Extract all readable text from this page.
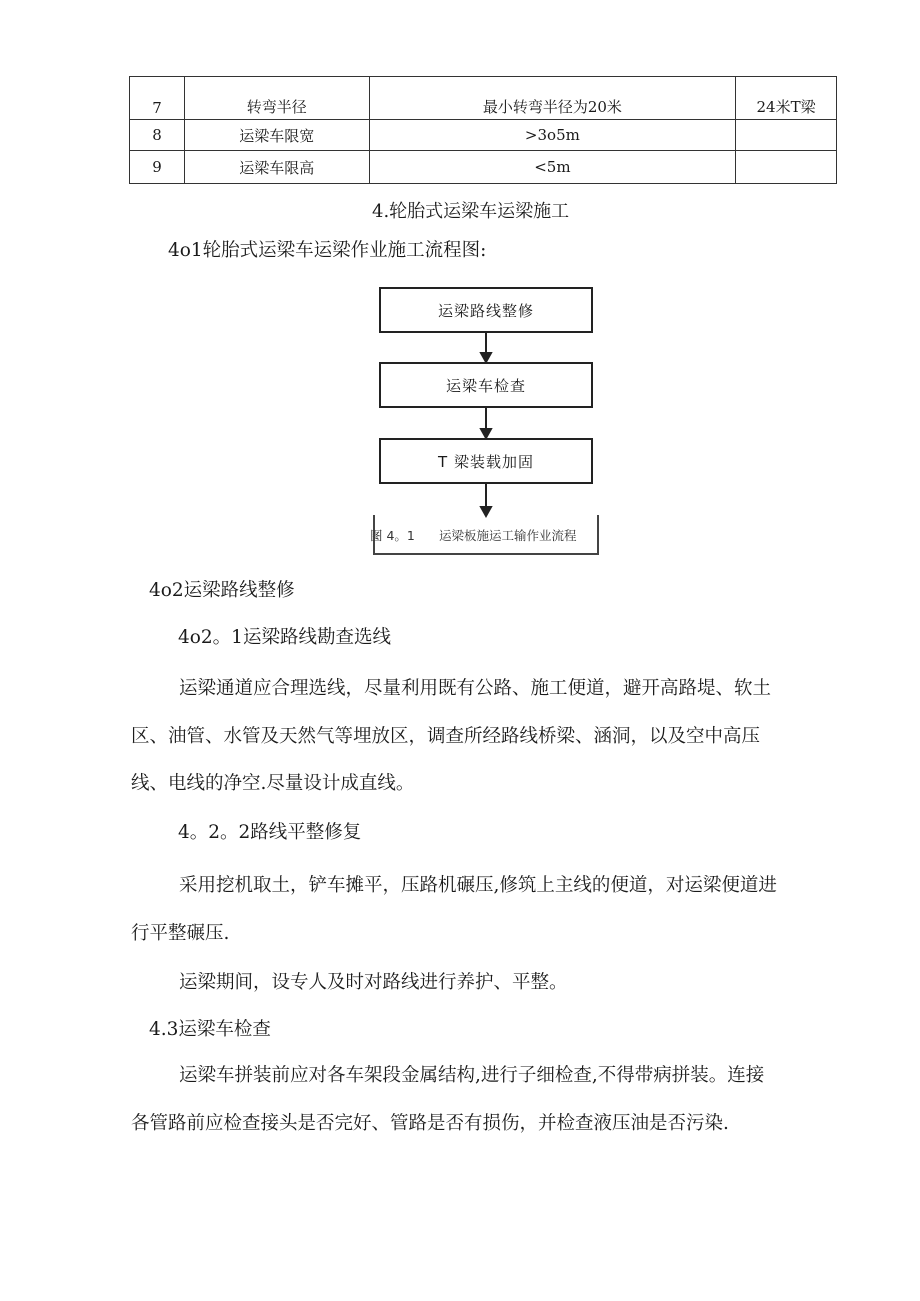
7	转弯半径	最小转弯半径为20米	24米T梁
8	运梁车限宽	>3o5m	
9	运梁车限高	<5m	
4.轮胎式运梁车运梁施工
4o1轮胎式运梁车运梁作业施工流程图:
运梁路线整修
运梁车检查
T 梁装载加固
图 4。1 运梁板施运工输作业流程
4o2运梁路线整修
4o2。1运梁路线勘查选线
运梁通道应合理选线，尽量利用既有公路、施工便道，避开高路堤、软土
区、油管、水管及天然气等埋放区，调查所经路线桥梁、涵洞，以及空中高压
线、电线的净空.尽量设计成直线。
4。2。2路线平整修复
采用挖机取土，铲车摊平，压路机碾压,修筑上主线的便道，对运梁便道进
行平整碾压.
运梁期间，设专人及时对路线进行养护、平整。
4.3运梁车检查
运梁车拼装前应对各车架段金属结构,进行子细检查,不得带病拼装。连接
各管路前应检查接头是否完好、管路是否有损伤，并检查液压油是否污染.
